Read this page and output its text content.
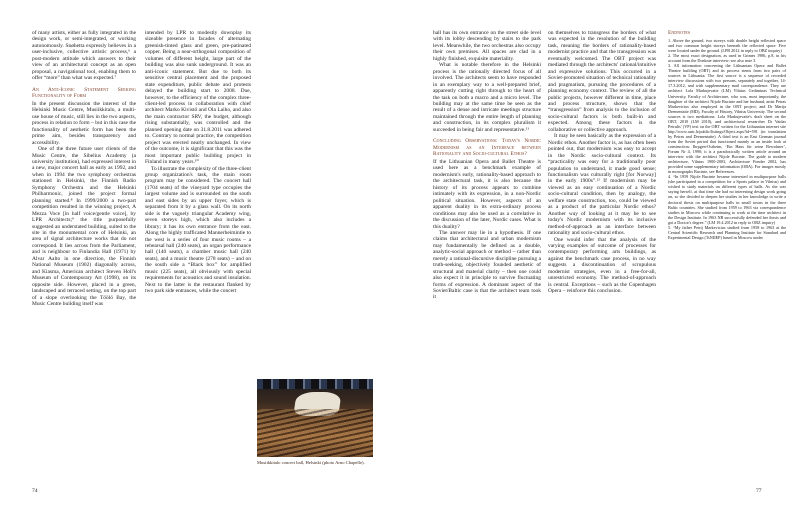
of many artists, either as fully integrated in the design work, or semi-integrated, or working autonomously. Snøhetta expressly believes in a user-inclusive, collective artistic process,⁶ a post-modern attitude which answers to their view of an architectural concept as an open proposal, a navigational tool, enabling them to offer “more” than what was expected.⁷

An Anti-Iconic Statement Seeking Functionality of Form

In the present discussion the interest of the Helsinki Music Centre, Musiikkitalo, a multi-use house of music, still lies in the two aspects, process in relation to form – but in this case the functionality of aesthetic form has been the prime aim, besides transparency and accessibility.

One of the three future user clients of the Music Centre, the Sibelius Academy (a university institution), had expressed interest in a new, major concert hall as early as 1992, and when in 1994 the two symphony orchestras stationed in Helsinki, the Finnish Radio Symphony Orchestra and the Helsinki Philharmonic, joined the project formal planning started.⁸ In 1999/2000 a two-part competition resulted in the winning project, A Mezza Voce [in half voice/gentle voice], by LPR Architects;⁹ the title purposefully suggested an understated building, suited to the site in the monumental core of Helsinki, an area of signal architecture works that do not correspond. It lies across from the Parliament, and is neighbour to Finlandia Hall (1971) by Alvar Aalto in one direction, the Finnish National Museum (1902) diagonally across, and Kiasma, American architect Steven Holl's Museum of Contemporary Art (1998), on its opposite side. However, placed in a green, landscaped and terraced setting, on the top part of a slope overlooking the Töölö Bay, the Music Centre building itself was

intended by LPR to modestly downplay its sizeable presence in facades of alternating greenish-tinted glass and green, pre-patinated copper. Being a near-orthogonal composition of volumes of different height, large part of the building was also sunk underground. It was an anti-iconic statement. But due to both its sensitive central placement and the proposed state expenditure, public debate and protests delayed the building start to 2008. Due, however, to the efficiency of the complex three-client-led process in collaboration with chief architect Marko Kivistö and Ola Laiho, and also the main contractor SRV, the budget, although rising substantially, was controlled and the planned opening date on 31.8.2011 was adhered to. Contrary to normal practice, the competition project was erected nearly unchanged. In view of the outcome, it is significant that this was the most important public building project in Finland in many years.¹⁰

To illustrate the complexity of the three-client group organization's task, the main room program may be considered. The concert hall (1704 seats) of the vineyard type occupies the largest volume and is surrounded on the south and east sides by an upper foyer, which is separated from it by a glass wall. On its north side is the vaguely triangular Academy wing, seven storeys high, which also includes a library; it has its own entrance from the east. Along the highly trafficated Mannerheimintie to the west is a series of four music rooms – a rehearsal hall (240 seats), an organ performance hall (140 seats), a chamber music hall (240 seats), and a music theatre (278 seats) – and on the south side a “Black box” for amplified music (225 seats), all obviously with special requirements for acoustics and sound insulation. Next to the latter is the restaurant flanked by two park side entrances, while the concert

Musiikkitalo concert hall, Helsinki (photo Arno Chapelle).
74

hall has its own entrance on the street side level with its lobby descending by stairs to the park level. Meanwhile, the two orchestras also occupy their own premises. All spaces are clad in a highly finished, exquisite materiality.

What is notable therefore in the Helsinki process is the rationally directed focus of all involved. The architects seem to have responded in an exemplary way to a well-prepared brief, apparently cutting right through to the heart of the task on both a macro and a micro level. The building may at the same time be seen as the result of a dense and intricate meetings structure maintained through the entire length of planning and construction, in its complex pluralism it succeeded in being fair and representative.¹¹

Concluding Observations: Today's Nordic Modernism as an Interface between Rationality and Socio-cultural Ethos?

If the Lithuanian Opera and Ballet Theatre is used here as a benchmark example of modernism's early, rationality-based approach to the architectural task, it is also because the history of its process appears to combine intimately with its expression, in a non-Nordic political situation. However, aspects of an apparent duality in its extra-ordinary process conditions may also be used as a correlative in the discussion of the later, Nordic cases. What is this duality?

The answer may lie in a hypothesis. If one claims that architectural and urban modernism may fundamentally be defined as a double, analytic-social approach or method – rather than merely a rational-discursive discipline pursuing a truth-seeking, objectively founded aesthetic of structural and material clarity – then one could also expect it in principle to survive fluctuating forms of expression. A dominant aspect of the Soviet/Baltic case is that the architect team took it

on themselves to transgress the borders of what was expected in the resolution of the building task, meaning the borders of rationality-based modernist practice and that the transgression was eventually welcomed. The OBT project was mediated through the architects' rational/intuitive and expressive solutions. This occurred in a Soviet-promoted situation of technical rationality and pragmatism, pursuing the procedures of a planning economy context. The review of all the public projects, however different in time, place and process structure, shows that the “transgression” from analysis to the inclusion of socio-cultural factors is both built-in and expected. Among these factors is the collaborative or collective approach.

It may be seen basically as the expression of a Nordic ethos. Another factor is, as has often been pointed out, that modernism was easy to accept in the Nordic socio-cultural context. Its “practicality was easy for a traditionally poor population to understand, it made good sense; functionalism was culturally right [for Norway] in the early 1900s”.¹² If modernism may be viewed as an easy continuation of a Nordic socio-cultural condition, then by analogy, the welfare state construction, too, could be viewed as a product of the particular Nordic ethos? Another way of looking at it may be to see today's Nordic modernism with its inclusive method-of-approach as an interface between rationality and socio-cultural ethos.

One would infer that the analysis of the varying examples of outcome of processes for contemporary performing arts buildings, as against the benchmark case process, in no way suggests a discontinuation of scrupulous modernist strategies, even in a free-for-all, unrestricted economy. The method-of-approach is central. Exceptions – such as the Copenhagen Opera – reinforce this conclusion.

Endnotes

1. Above the ground, two storeys with double height reflected space and two common height storeys beneath the reflected space. Five were located under the ground. (LPB 2012 in reply to OBZ inquiry)

2. The most exact designation, as used in Grimes 1986, p.8, in his account from the Doeknie interview; see also note 3.

3. All information concerning the Lithuanian Opera and Ballet Theatre building (OBT) and its process stems from two pairs of sources in Lithuania. The first source is a sequence of recorded interview discussions with two persons, separately and together, 14-17.3.2012, and with supplementary mail correspondence. They are architect Lola Markujevaite (LM) Vilnius Gediminas Technical University, Faculty of Architecture, who was, most importantly, the daughter of the architect Nijole Bucinte and her husband, artist Petras Markevicius also employed in the OBT project; and Dr Marija Drementaite (MD), Faculty of History, Vilnius University. The second sources is two mediations: Lola Markujevaite's draft sheet on the OBT, 2010 (LM 2010), and architectural researcher Dr Vaidas Petrulis' (VP) text on the OBT written for the Lithuanian internet site http://www.autc.lt/public/listings/Object.aspx?id=591 (in translation by Petras and Drementaite). A third text is an East German journal from the Soviet period that functioned mainly as an inside look at construction: Ihrpgen-Ostheim, ‘Ein Haus für seine Bewohner’, Forum Nr 4, 1990; it is a paradoxically written article around an interview with the architect Nijole Bucinte. The guide to modern architecture, Vilnius 1900-2003, Architecture Fonder 2002, has provided some supplementary information (OBA). For images mostly in monographs Bucinte, see References.

4. “In 1959 Nijole Bucinte became interested in multipurpose halls (she participated in a competition for a Sports palace in Vilnius) and wished to study materials on different types of halls. As she was saying herself, at that time she had no interesting design work going on, so she decided to deepen her studies in her knowledge to write a doctoral thesis on multipurpose halls in small towns in the three Baltic countries. She studied from 1959 to 1963 via correspondence studies in Moscow while continuing to work at the time architect in the Design Institute. In 1963 NB successfully defended her thesis and got a Doctor's degree.” (LM 19.4.2012 in reply to OBZ inquiry)

5. “My father Petrij Markevicius studied from 1958 to 1963 at the Central Scientific Research and Planning Institute for Standard and Experimental Design (TsNIIEP) based in Moscow under

77
